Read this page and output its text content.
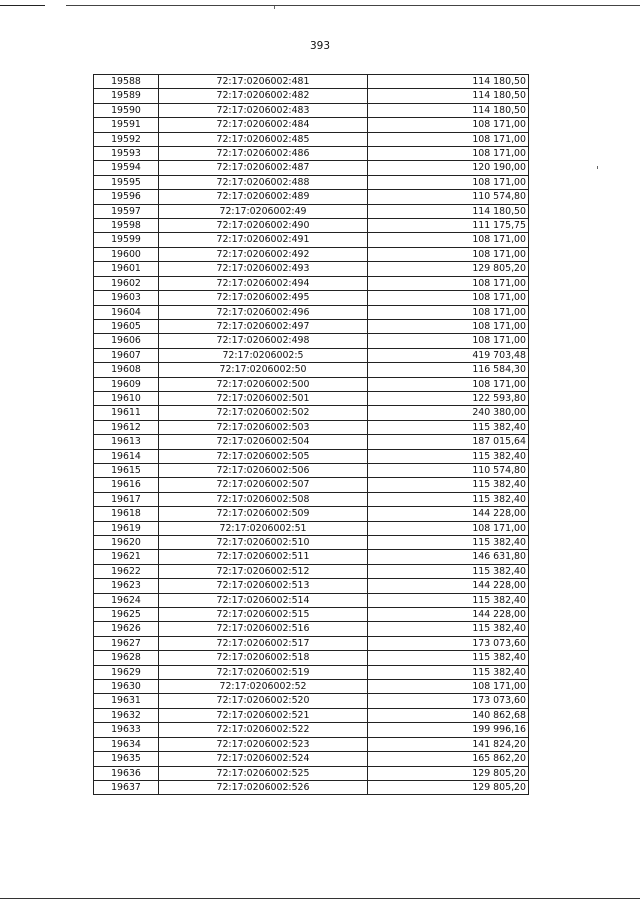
393
19588	72:17:0206002:481	114 180,50
19589	72:17:0206002:482	114 180,50
19590	72:17:0206002:483	114 180,50
19591	72:17:0206002:484	108 171,00
19592	72:17:0206002:485	108 171,00
19593	72:17:0206002:486	108 171,00
19594	72:17:0206002:487	120 190,00
19595	72:17:0206002:488	108 171,00
19596	72:17:0206002:489	110 574,80
19597	72:17:0206002:49	114 180,50
19598	72:17:0206002:490	111 175,75
19599	72:17:0206002:491	108 171,00
19600	72:17:0206002:492	108 171,00
19601	72:17:0206002:493	129 805,20
19602	72:17:0206002:494	108 171,00
19603	72:17:0206002:495	108 171,00
19604	72:17:0206002:496	108 171,00
19605	72:17:0206002:497	108 171,00
19606	72:17:0206002:498	108 171,00
19607	72:17:0206002:5	419 703,48
19608	72:17:0206002:50	116 584,30
19609	72:17:0206002:500	108 171,00
19610	72:17:0206002:501	122 593,80
19611	72:17:0206002:502	240 380,00
19612	72:17:0206002:503	115 382,40
19613	72:17:0206002:504	187 015,64
19614	72:17:0206002:505	115 382,40
19615	72:17:0206002:506	110 574,80
19616	72:17:0206002:507	115 382,40
19617	72:17:0206002:508	115 382,40
19618	72:17:0206002:509	144 228,00
19619	72:17:0206002:51	108 171,00
19620	72:17:0206002:510	115 382,40
19621	72:17:0206002:511	146 631,80
19622	72:17:0206002:512	115 382,40
19623	72:17:0206002:513	144 228,00
19624	72:17:0206002:514	115 382,40
19625	72:17:0206002:515	144 228,00
19626	72:17:0206002:516	115 382,40
19627	72:17:0206002:517	173 073,60
19628	72:17:0206002:518	115 382,40
19629	72:17:0206002:519	115 382,40
19630	72:17:0206002:52	108 171,00
19631	72:17:0206002:520	173 073,60
19632	72:17:0206002:521	140 862,68
19633	72:17:0206002:522	199 996,16
19634	72:17:0206002:523	141 824,20
19635	72:17:0206002:524	165 862,20
19636	72:17:0206002:525	129 805,20
19637	72:17:0206002:526	129 805,20
